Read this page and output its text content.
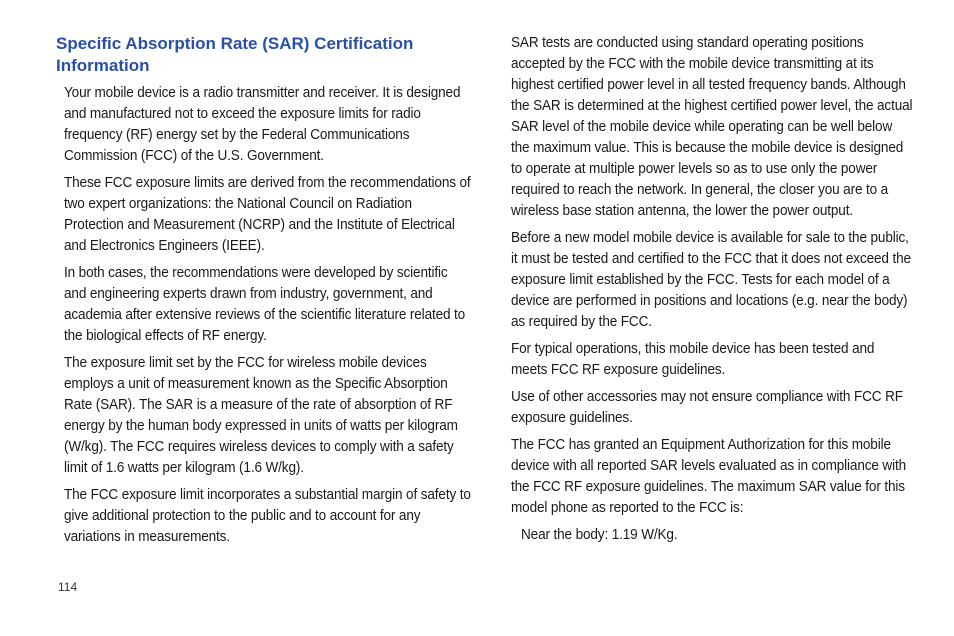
Specific Absorption Rate (SAR) Certification Information

Your mobile device is a radio transmitter and receiver. It is designed and manufactured not to exceed the exposure limits for radio frequency (RF) energy set by the Federal Communications Commission (FCC) of the U.S. Government.

These FCC exposure limits are derived from the recommendations of two expert organizations: the National Council on Radiation Protection and Measurement (NCRP) and the Institute of Electrical and Electronics Engineers (IEEE).

In both cases, the recommendations were developed by scientific and engineering experts drawn from industry, government, and academia after extensive reviews of the scientific literature related to the biological effects of RF energy.

The exposure limit set by the FCC for wireless mobile devices employs a unit of measurement known as the Specific Absorption Rate (SAR). The SAR is a measure of the rate of absorption of RF energy by the human body expressed in units of watts per kilogram (W/kg). The FCC requires wireless devices to comply with a safety limit of 1.6 watts per kilogram (1.6 W/kg).

The FCC exposure limit incorporates a substantial margin of safety to give additional protection to the public and to account for any variations in measurements.

SAR tests are conducted using standard operating positions accepted by the FCC with the mobile device transmitting at its highest certified power level in all tested frequency bands. Although the SAR is determined at the highest certified power level, the actual SAR level of the mobile device while operating can be well below the maximum value. This is because the mobile device is designed to operate at multiple power levels so as to use only the power required to reach the network. In general, the closer you are to a wireless base station antenna, the lower the power output.

Before a new model mobile device is available for sale to the public, it must be tested and certified to the FCC that it does not exceed the exposure limit established by the FCC. Tests for each model of a device are performed in positions and locations (e.g. near the body) as required by the FCC.

For typical operations, this mobile device has been tested and meets FCC RF exposure guidelines.

Use of other accessories may not ensure compliance with FCC RF exposure guidelines.

The FCC has granted an Equipment Authorization for this mobile device with all reported SAR levels evaluated as in compliance with the FCC RF exposure guidelines. The maximum SAR value for this model phone as reported to the FCC is:

Near the body: 1.19 W/Kg.

114
